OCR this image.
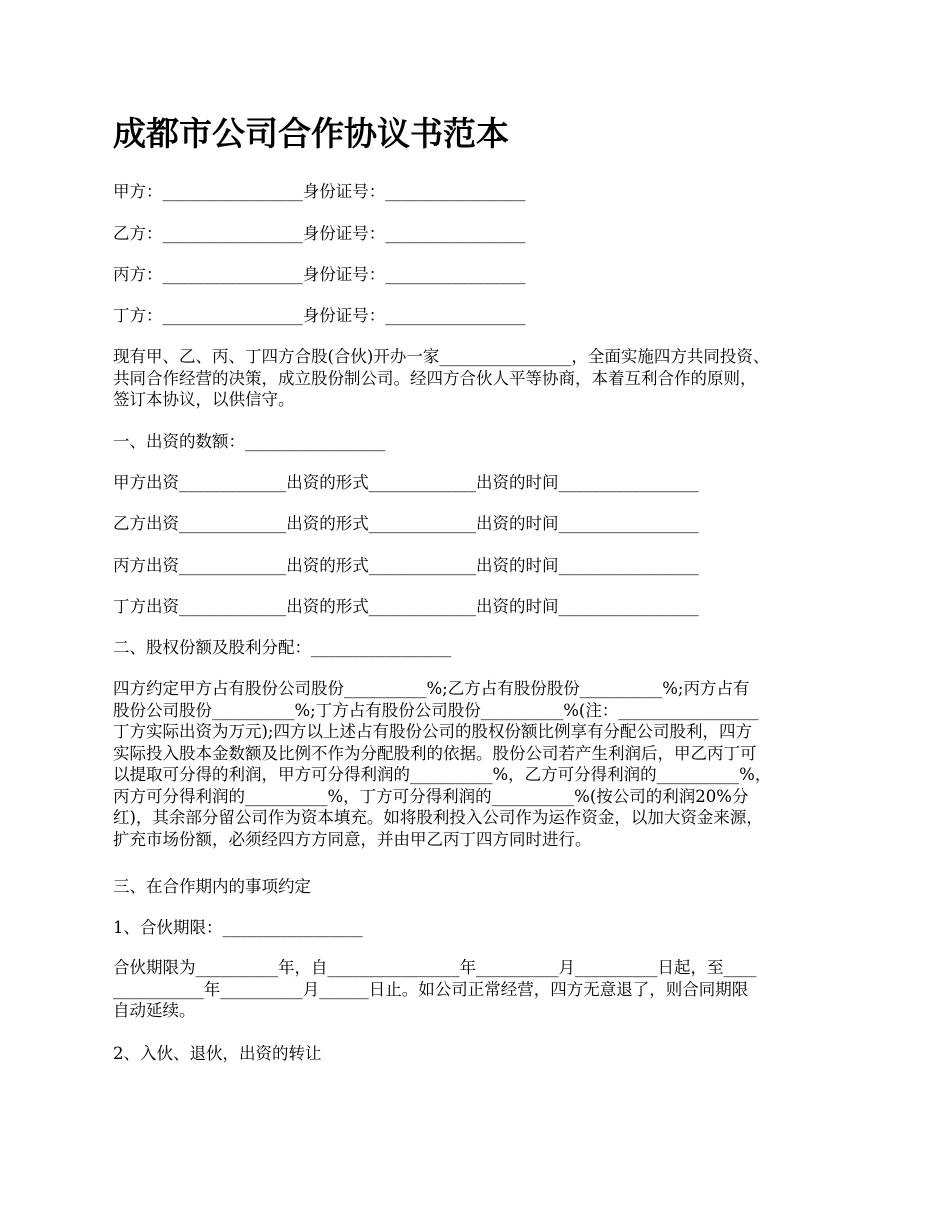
成都市公司合作协议书范本

甲方：_________________身份证号：_________________

乙方：_________________身份证号：_________________

丙方：_________________身份证号：_________________

丁方：_________________身份证号：_________________

现有甲、乙、丙、丁四方合股(合伙)开办一家________________，全面实施四方共同投资、
共同合作经营的决策，成立股份制公司。经四方合伙人平等协商，本着互利合作的原则，
签订本协议，以供信守。

一、出资的数额：_________________

甲方出资_____________出资的形式_____________出资的时间_________________

乙方出资_____________出资的形式_____________出资的时间_________________

丙方出资_____________出资的形式_____________出资的时间_________________

丁方出资_____________出资的形式_____________出资的时间_________________

二、股权份额及股利分配：_________________

四方约定甲方占有股份公司股份__________%;乙方占有股份股份__________%;丙方占有
股份公司股份__________%;丁方占有股份公司股份__________%(注：_________________
丁方实际出资为万元);四方以上述占有股份公司的股权份额比例享有分配公司股利，四方
实际投入股本金数额及比例不作为分配股利的依据。股份公司若产生利润后，甲乙丙丁可
以提取可分得的利润，甲方可分得利润的__________%，乙方可分得利润的__________%，
丙方可分得利润的__________%，丁方可分得利润的__________%(按公司的利润20%分
红)，其余部分留公司作为资本填充。如将股利投入公司作为运作资金，以加大资金来源，
扩充市场份额，必须经四方方同意，并由甲乙丙丁四方同时进行。

三、在合作期内的事项约定

1、合伙期限：_________________

合伙期限为__________年，自________________年__________月__________日起，至____
___________年__________月______日止。如公司正常经营，四方无意退了，则合同期限
自动延续。

2、入伙、退伙，出资的转让
